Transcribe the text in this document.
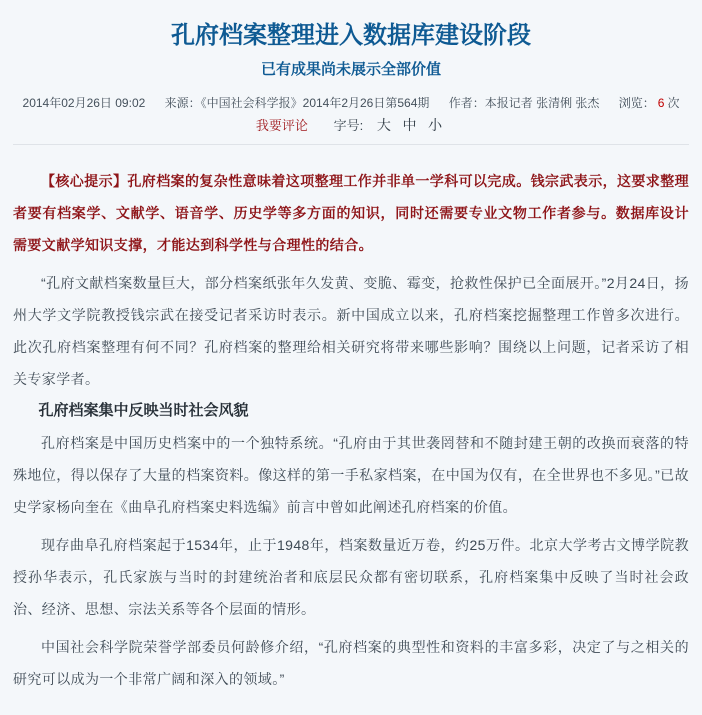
孔府档案整理进入数据库建设阶段
已有成果尚未展示全部价值
2014年02月26日 09:02 来源：《中国社会科学报》2014年2月26日第564期 作者：本报记者 张清俐 张杰 浏览： 6 次
我要评论 字号: 大 中 小

【核心提示】孔府档案的复杂性意味着这项整理工作并非单一学科可以完成。钱宗武表示，这要求整理者要有档案学、文献学、语音学、历史学等多方面的知识，同时还需要专业文物工作者参与。数据库设计需要文献学知识支撑，才能达到科学性与合理性的结合。

“孔府文献档案数量巨大，部分档案纸张年久发黄、变脆、霉变，抢救性保护已全面展开。”2月24日，扬州大学文学院教授钱宗武在接受记者采访时表示。新中国成立以来，孔府档案挖掘整理工作曾多次进行。此次孔府档案整理有何不同？孔府档案的整理给相关研究将带来哪些影响？围绕以上问题，记者采访了相关专家学者。

孔府档案集中反映当时社会风貌

孔府档案是中国历史档案中的一个独特系统。“孔府由于其世袭罔替和不随封建王朝的改换而衰落的特殊地位，得以保存了大量的档案资料。像这样的第一手私家档案，在中国为仅有，在全世界也不多见。”已故史学家杨向奎在《曲阜孔府档案史料选编》前言中曾如此阐述孔府档案的价值。

现存曲阜孔府档案起于1534年，止于1948年，档案数量近万卷，约25万件。北京大学考古文博学院教授孙华表示，孔氏家族与当时的封建统治者和底层民众都有密切联系，孔府档案集中反映了当时社会政治、经济、思想、宗法关系等各个层面的情形。

中国社会科学院荣誉学部委员何龄修介绍，“孔府档案的典型性和资料的丰富多彩，决定了与之相关的研究可以成为一个非常广阔和深入的领域。”
